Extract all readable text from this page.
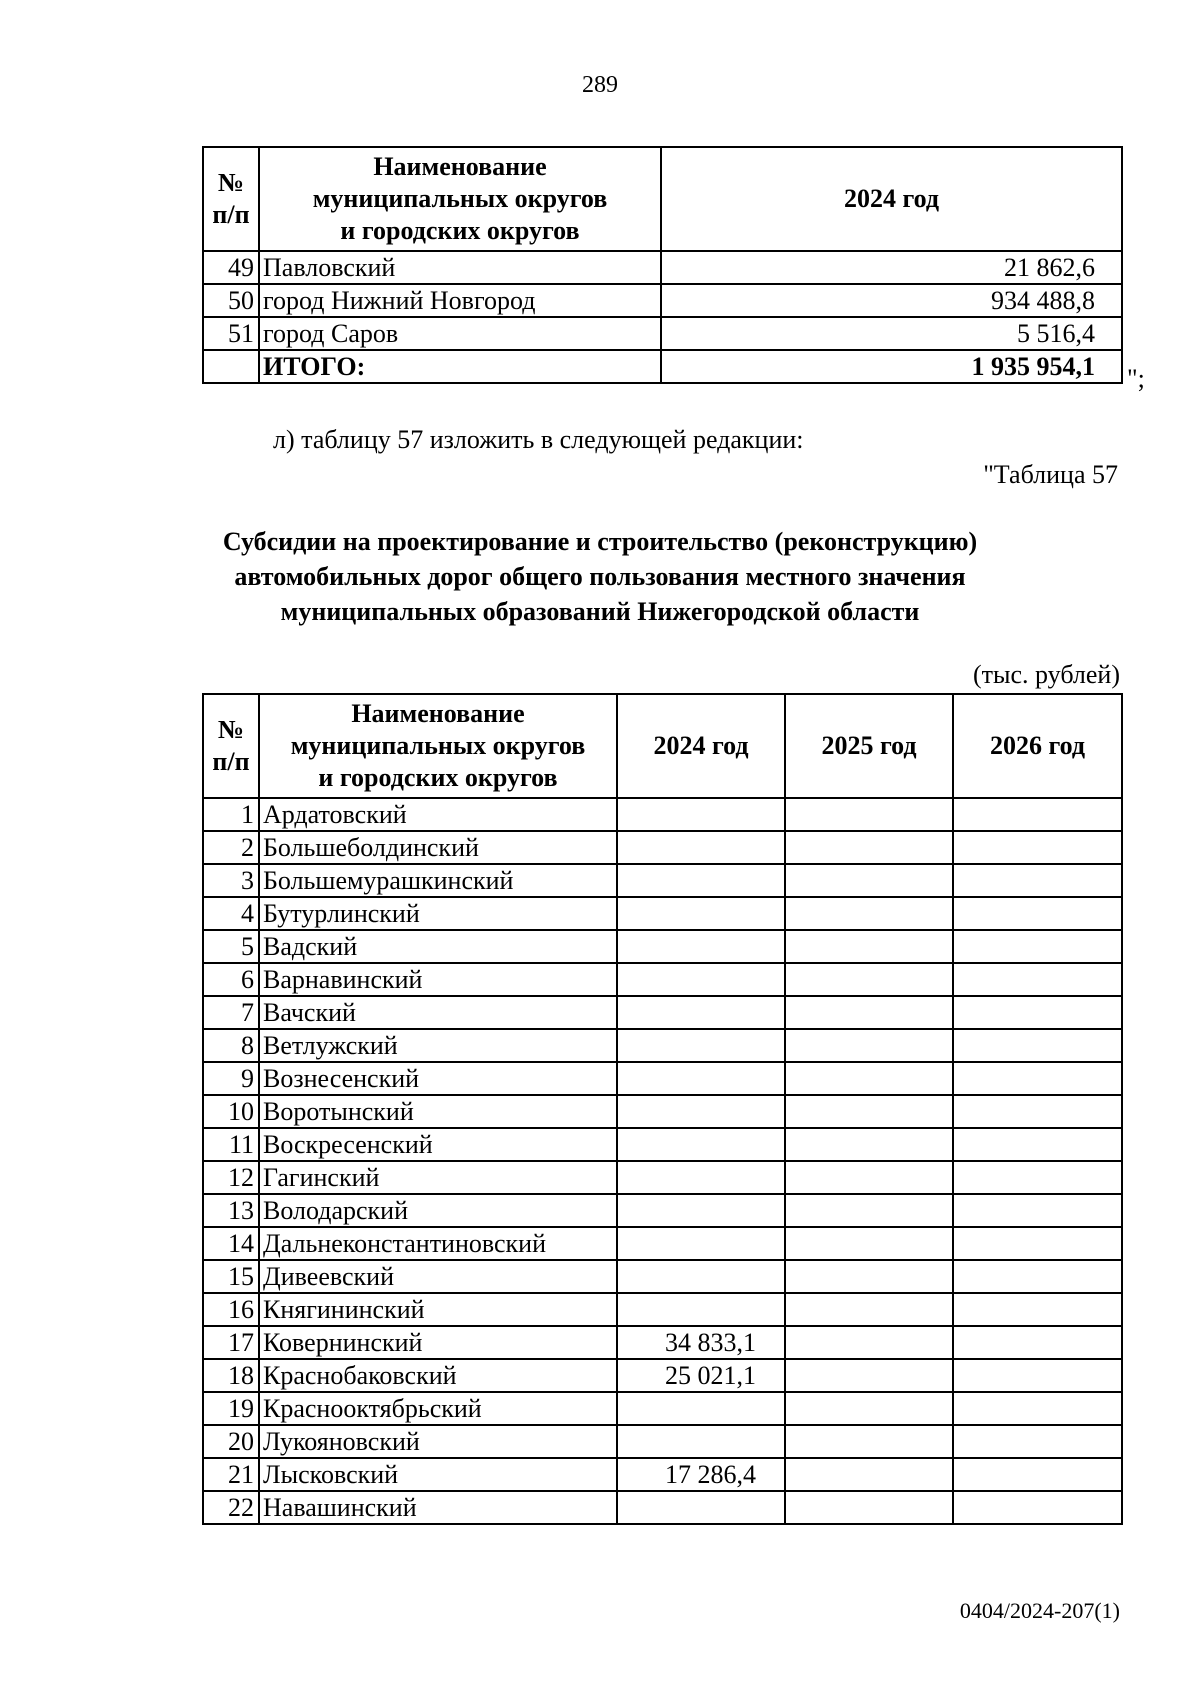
289
№
п/п	Наименование
муниципальных округов
и городских округов	2024 год
49	Павловский	21 862,6
50	город Нижний Новгород	934 488,8
51	город Саров	5 516,4
	ИТОГО:	1 935 954,1 ";
л) таблицу 57 изложить в следующей редакции:
"Таблица 57
Субсидии на проектирование и строительство (реконструкцию)
автомобильных дорог общего пользования местного значения
муниципальных образований Нижегородской области
(тыс. рублей)
№
п/п	Наименование
муниципальных округов
и городских округов	2024 год	2025 год	2026 год
1	Ардатовский			
2	Большеболдинский			
3	Большемурашкинский			
4	Бутурлинский			
5	Вадский			
6	Варнавинский			
7	Вачский			
8	Ветлужский			
9	Вознесенский			
10	Воротынский			
11	Воскресенский			
12	Гагинский			
13	Володарский			
14	Дальнеконстантиновский			
15	Дивеевский			
16	Княгининский			
17	Ковернинский	34 833,1		
18	Краснобаковский	25 021,1		
19	Краснооктябрьский			
20	Лукояновский			
21	Лысковский	17 286,4		
22	Навашинский			
0404/2024-207(1)
